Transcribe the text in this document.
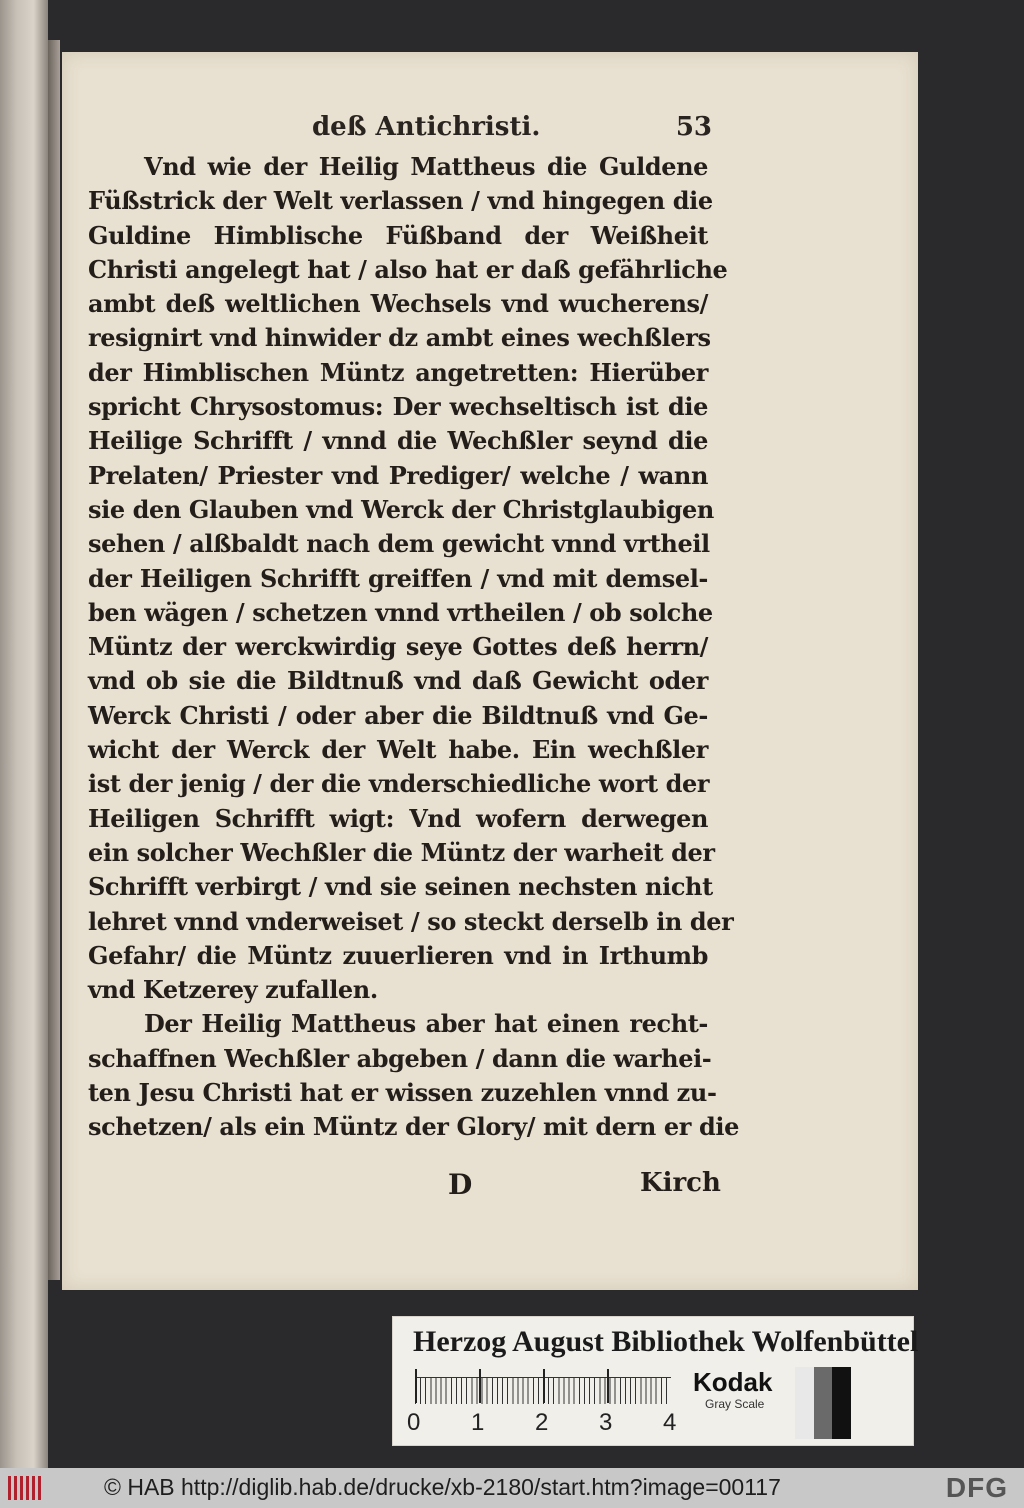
deß Antichristi.	53
Vnd wie der Heilig Mattheus die Guldene
Füßstrick der Welt verlassen / vnd hingegen die
Guldine Himblische Füßband der Weißheit
Christi angelegt hat / also hat er daß gefährliche
ambt deß weltlichen Wechsels vnd wucherens/
resignirt vnd hinwider dz ambt eines wechßlers
der Himblischen Müntz angetretten: Hierüber
spricht Chrysostomus: Der wechseltisch ist die
Heilige Schrifft / vnnd die Wechßler seynd die
Prelaten/ Priester vnd Prediger/ welche / wann
sie den Glauben vnd Werck der Christglaubigen
sehen / alßbaldt nach dem gewicht vnnd vrtheil
der Heiligen Schrifft greiffen / vnd mit demsel-
ben wägen / schetzen vnnd vrtheilen / ob solche
Müntz der werckwirdig seye Gottes deß herrn/
vnd ob sie die Bildtnuß vnd daß Gewicht oder
Werck Christi / oder aber die Bildtnuß vnd Ge-
wicht der Werck der Welt habe. Ein wechßler
ist der jenig / der die vnderschiedliche wort der
Heiligen Schrifft wigt: Vnd wofern derwegen
ein solcher Wechßler die Müntz der warheit der
Schrifft verbirgt / vnd sie seinen nechsten nicht
lehret vnnd vnderweiset / so steckt derselb in der
Gefahr/ die Müntz zuuerlieren vnd in Irthumb
vnd Ketzerey zufallen.
Der Heilig Mattheus aber hat einen recht-
schaffnen Wechßler abgeben / dann die warhei-
ten Jesu Christi hat er wissen zuzehlen vnnd zu-
schetzen/ als ein Müntz der Glory/ mit dern er die
D	Kirch
Herzog August Bibliothek Wolfenbüttel
0 1 2 3 4
Kodak
Gray Scale
© HAB http://diglib.hab.de/drucke/xb-2180/start.htm?image=00117	DFG
